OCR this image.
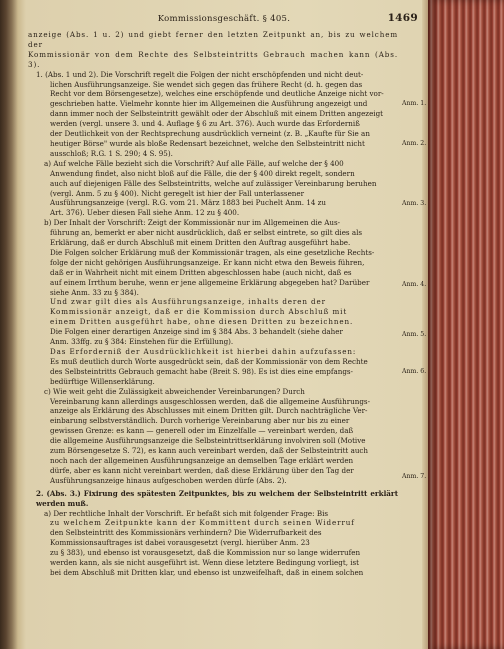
Kommissionsgeschäft. § 405.	1469

anzeige (Abs. 1 u. 2) und giebt ferner den letzten Zeitpunkt an, bis zu welchem der

Kommissionär von dem Rechte des Selbsteintritts Gebrauch machen kann (Abs. 3).

1. (Abs. 1 und 2). Die Vorschrift regelt die Folgen der nicht erschöpfenden und nicht deut-

lichen Ausführungsanzeige. Sie wendet sich gegen das frühere Recht (d. h. gegen das

Recht vor dem Börsengesetze), welches eine erschöpfende und deutliche Anzeige nicht vor-

geschrieben hatte. Vielmehr konnte hier im Allgemeinen die Ausführung angezeigt und

dann immer noch der Selbsteintritt gewählt oder der Abschluß mit einem Dritten angezeigt

werden (vergl. unsere 3. und 4. Auflage § 6 zu Art. 376). Auch wurde das Erforderniß

der Deutlichkeit von der Rechtsprechung ausdrücklich verneint (z. B. „Kaufte für Sie an

heutiger Börse" wurde als bloße Redensart bezeichnet, welche den Selbsteintritt nicht

ausschloß; R.G. 1 S. 290; 4 S. 95).

a) Auf welche Fälle bezieht sich die Vorschrift? Auf alle Fälle, auf welche der § 400

Anwendung findet, also nicht bloß auf die Fälle, die der § 400 direkt regelt, sondern

auch auf diejenigen Fälle des Selbsteintritts, welche auf zulässiger Vereinbarung beruhen

(vergl. Anm. 5 zu § 400). Nicht geregelt ist hier der Fall unterlassener

Ausführungsanzeige (vergl. R.G. vom 21. März 1883 bei Puchelt Anm. 14 zu

Art. 376). Ueber diesen Fall siehe Anm. 12 zu § 400.

b) Der Inhalt der Vorschrift: Zeigt der Kommissionär nur im Allgemeinen die Aus-

führung an, bemerkt er aber nicht ausdrücklich, daß er selbst eintrete, so gilt dies als

Erklärung, daß er durch Abschluß mit einem Dritten den Auftrag ausgeführt habe.

Die Folgen solcher Erklärung muß der Kommissionär tragen, als eine gesetzliche Rechts-

folge der nicht gehörigen Ausführungsanzeige. Er kann nicht etwa den Beweis führen,

daß er in Wahrheit nicht mit einem Dritten abgeschlossen habe (auch nicht, daß es

auf einem Irrthum beruhe, wenn er jene allgemeine Erklärung abgegeben hat? Darüber

siehe Anm. 33 zu § 384).

Und zwar gilt dies als Ausführungsanzeige, inhalts deren der

Kommissionär anzeigt, daß er die Kommission durch Abschluß mit

einem Dritten ausgeführt habe, ohne diesen Dritten zu bezeichnen.

Die Folgen einer derartigen Anzeige sind im § 384 Abs. 3 behandelt (siehe daher

Anm. 33ffg. zu § 384: Einstehen für die Erfüllung).

Das Erforderniß der Ausdrücklichkeit ist hierbei dahin aufzufassen:

Es muß deutlich durch Worte ausgedrückt sein, daß der Kommissionär von dem Rechte

des Selbsteintritts Gebrauch gemacht habe (Breit S. 98). Es ist dies eine empfangs-

bedürftige Willenserklärung.

c) Wie weit geht die Zulässigkeit abweichender Vereinbarungen? Durch

Vereinbarung kann allerdings ausgeschlossen werden, daß die allgemeine Ausführungs-

anzeige als Erklärung des Abschlusses mit einem Dritten gilt. Durch nachträgliche Ver-

einbarung selbstverständlich. Durch vorherige Vereinbarung aber nur bis zu einer

gewissen Grenze: es kann — generell oder im Einzelfalle — vereinbart werden, daß

die allgemeine Ausführungsanzeige die Selbsteintrittserklärung involviren soll (Motive

zum Börsengesetze S. 72), es kann auch vereinbart werden, daß der Selbsteintritt auch

noch nach der allgemeinen Ausführungsanzeige an demselben Tage erklärt werden

dürfe, aber es kann nicht vereinbart werden, daß diese Erklärung über den Tag der

Ausführungsanzeige hinaus aufgeschoben werden dürfe (Abs. 2).

2. (Abs. 3.) Fixirung des spätesten Zeitpunktes, bis zu welchem der Selbsteintritt erklärt werden muß.

a) Der rechtliche Inhalt der Vorschrift. Er befaßt sich mit folgender Frage: Bis

zu welchem Zeitpunkte kann der Kommittent durch seinen Widerruf

den Selbsteintritt des Kommissionärs verhindern? Die Widerrufbarkeit des

Kommissionsauftrages ist dabei vorausgesetzt (vergl. hierüber Anm. 23

zu § 383), und ebenso ist vorausgesetzt, daß die Kommission nur so lange widerrufen

werden kann, als sie nicht ausgeführt ist. Wenn diese letztere Bedingung vorliegt, ist

bei dem Abschluß mit Dritten klar, und ebenso ist unzweifelhaft, daß in einem solchen

Anm. 1.
Anm. 2.
Anm. 3.
Anm. 4.
Anm. 5.
Anm. 6.
Anm. 7.
